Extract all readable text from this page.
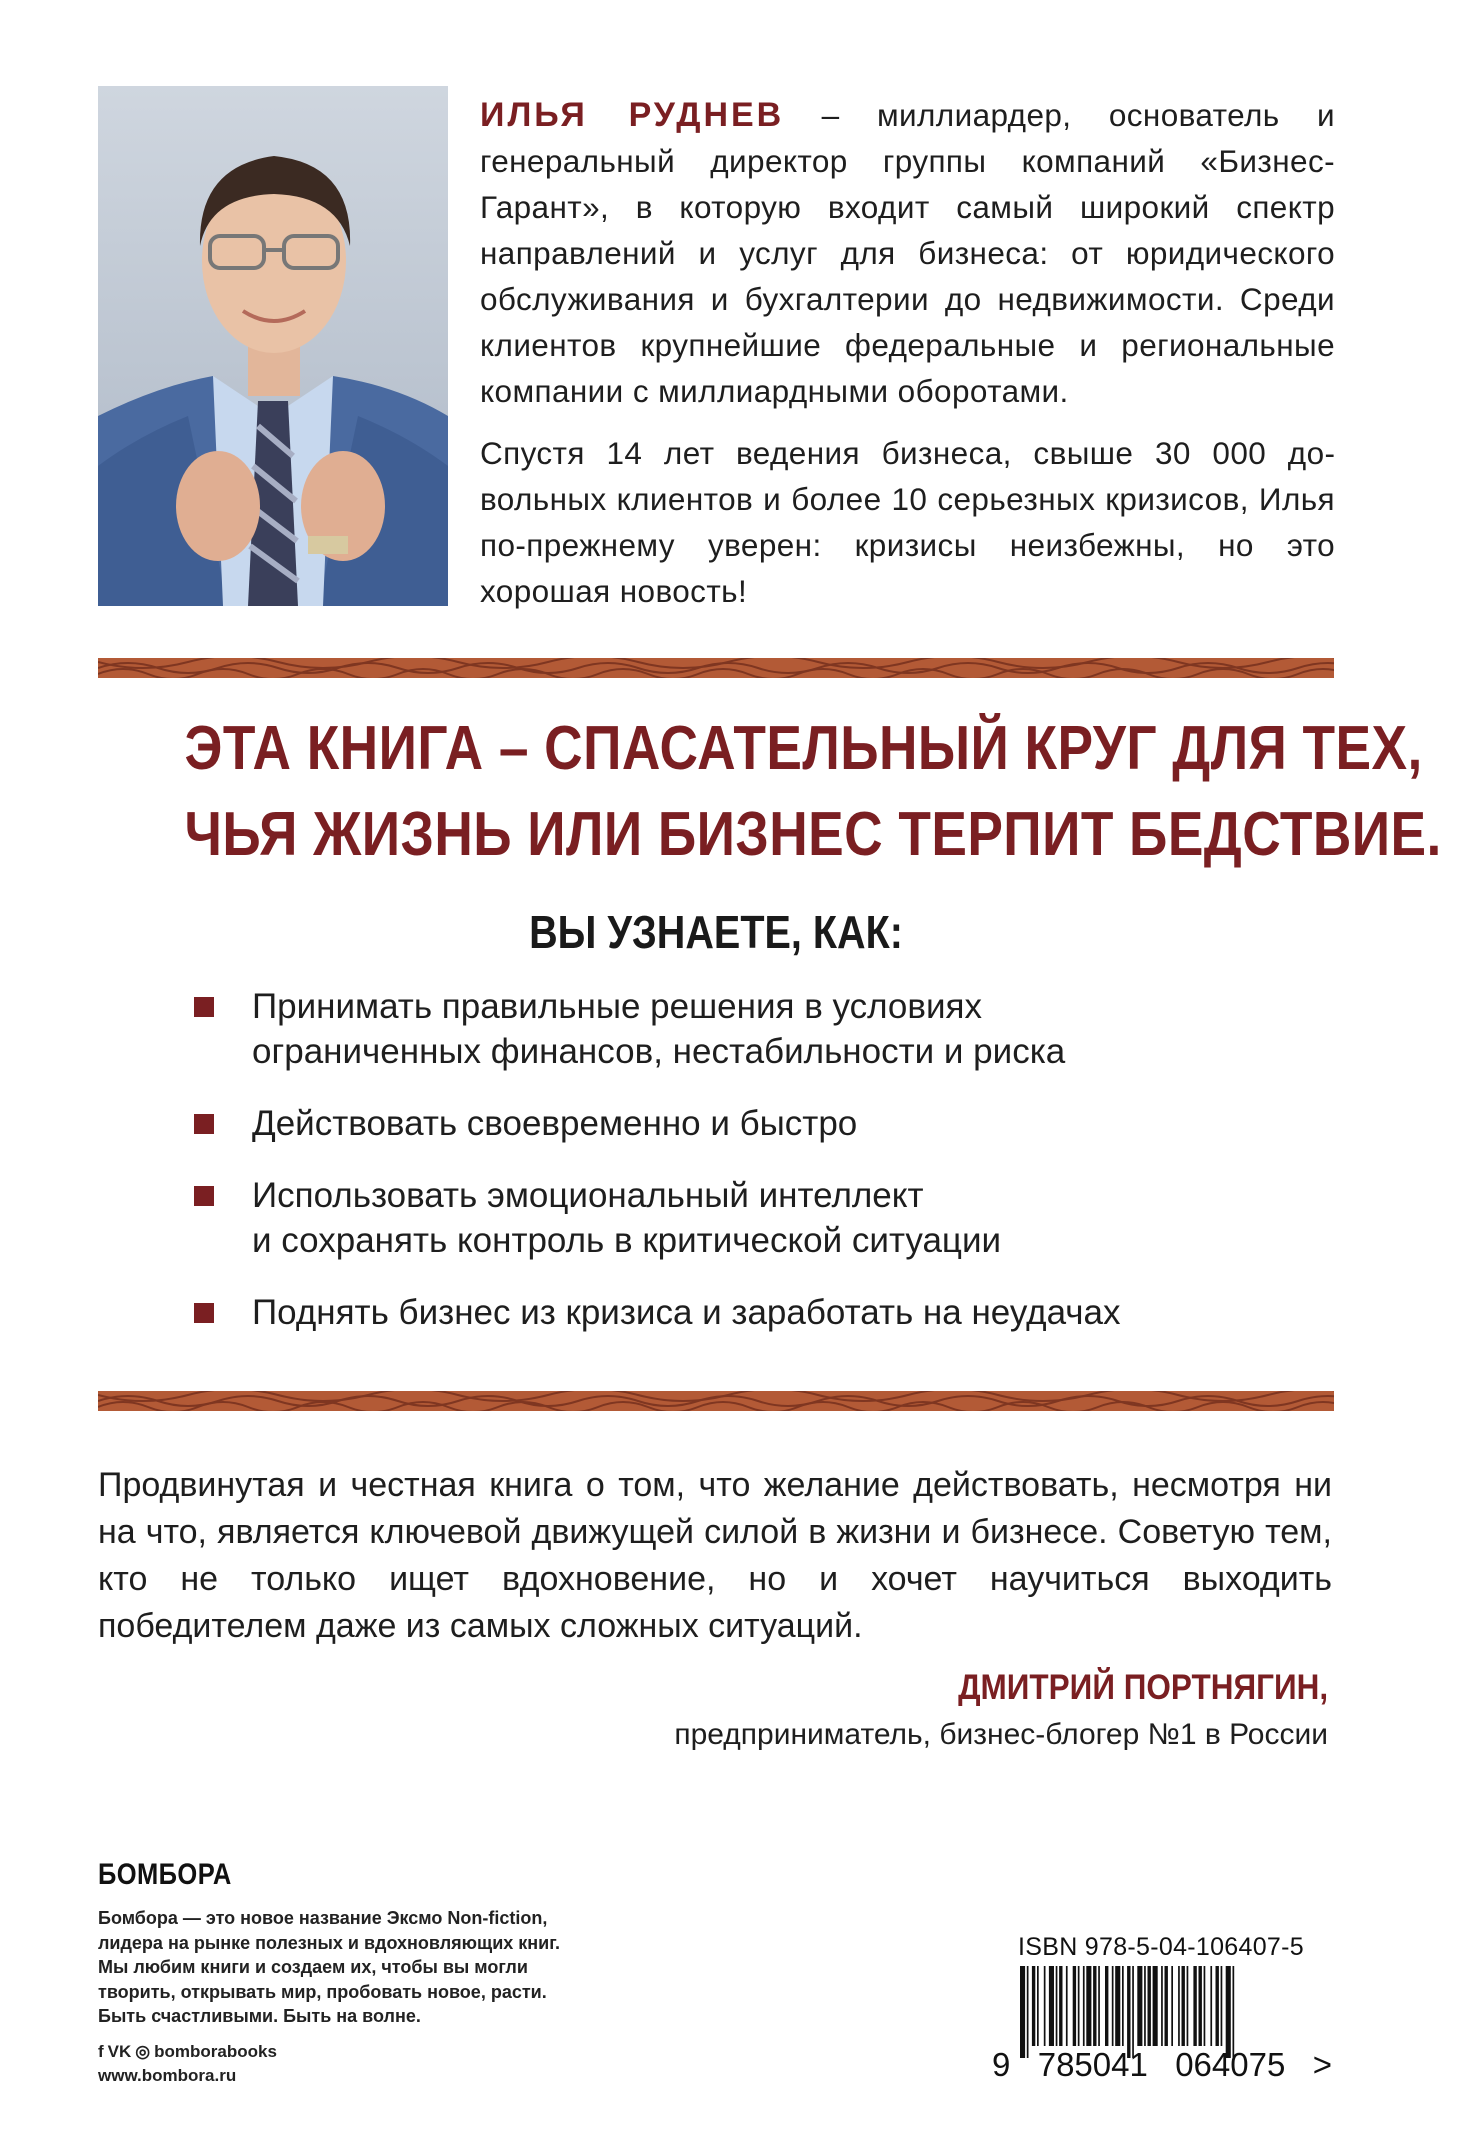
ИЛЬЯ РУДНЕВ – миллиардер, основатель и генеральный директор группы компаний «Бизнес-Гарант», в которую входит самый широкий спектр направлений и услуг для бизнеса: от юридического обслуживания и бухгалтерии до недвижимости. Среди клиентов крупнейшие федеральные и региональные компании с миллиардными оборотами.

Спустя 14 лет ведения бизнеса, свыше 30 000 довольных клиентов и более 10 серьезных кризисов, Илья по-прежнему уверен: кризисы неизбежны, но это хорошая новость!

ЭТА КНИГА – СПАСАТЕЛЬНЫЙ КРУГ ДЛЯ ТЕХ,
ЧЬЯ ЖИЗНЬ ИЛИ БИЗНЕС ТЕРПИТ БЕДСТВИЕ.
ВЫ УЗНАЕТЕ, КАК:
Принимать правильные решения в условиях
ограниченных финансов, нестабильности и риска
Действовать своевременно и быстро
Использовать эмоциональный интеллект
и сохранять контроль в критической ситуации
Поднять бизнес из кризиса и заработать на неудачах
Продвинутая и честная книга о том, что желание действовать, несмотря ни на что, является ключевой движущей силой в жизни и бизнесе. Советую тем, кто не только ищет вдохновение, но и хочет научиться выходить победителем даже из самых сложных ситуаций.
ДМИТРИЙ ПОРТНЯГИН,
предприниматель, бизнес-блогер №1 в России
БОМБОРА
Бомбора — это новое название Эксмо Non-fiction,
лидера на рынке полезных и вдохновляющих книг.
Мы любим книги и создаем их, чтобы вы могли
творить, открывать мир, пробовать новое, расти.
Быть счастливыми. Быть на волне.
f VK ◎ bomborabooks
www.bombora.ru
ISBN 978-5-04-106407-5
9 785041 064075 >
